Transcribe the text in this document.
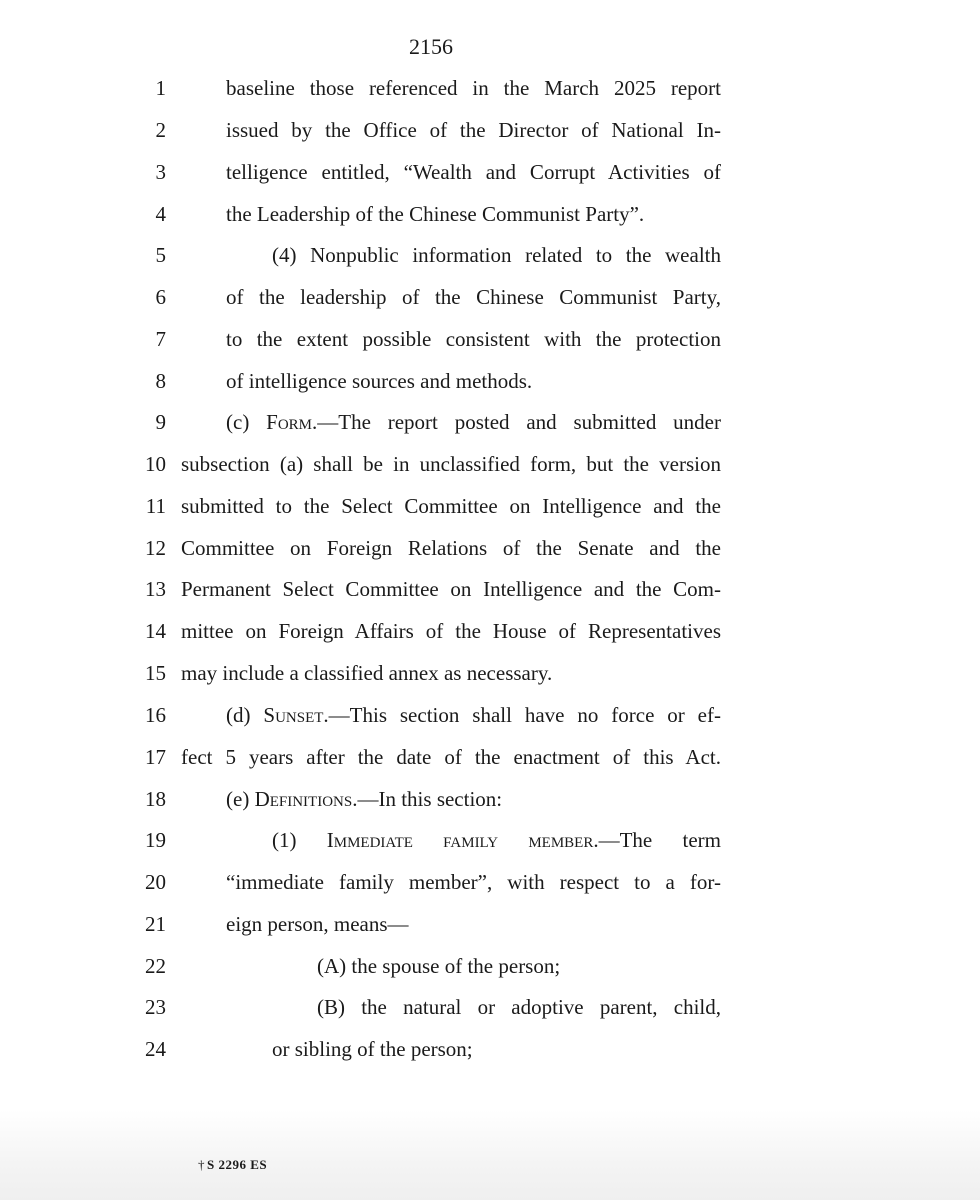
2156
1	baseline those referenced in the March 2025 report
2	issued by the Office of the Director of National In-
3	telligence entitled, “Wealth and Corrupt Activities of
4	the Leadership of the Chinese Communist Party”.
5	(4) Nonpublic information related to the wealth
6	of the leadership of the Chinese Communist Party,
7	to the extent possible consistent with the protection
8	of intelligence sources and methods.
9	(c) Form.—The report posted and submitted under
10 subsection (a) shall be in unclassified form, but the version
11 submitted to the Select Committee on Intelligence and the
12 Committee on Foreign Relations of the Senate and the
13 Permanent Select Committee on Intelligence and the Com-
14 mittee on Foreign Affairs of the House of Representatives
15 may include a classified annex as necessary.
16	(d) Sunset.—This section shall have no force or ef-
17 fect 5 years after the date of the enactment of this Act.
18	(e) Definitions.—In this section:
19	(1) Immediate family member.—The term
20	“immediate family member”, with respect to a for-
21	eign person, means—
22	(A) the spouse of the person;
23	(B) the natural or adoptive parent, child,
24	or sibling of the person;
† S 2296 ES
